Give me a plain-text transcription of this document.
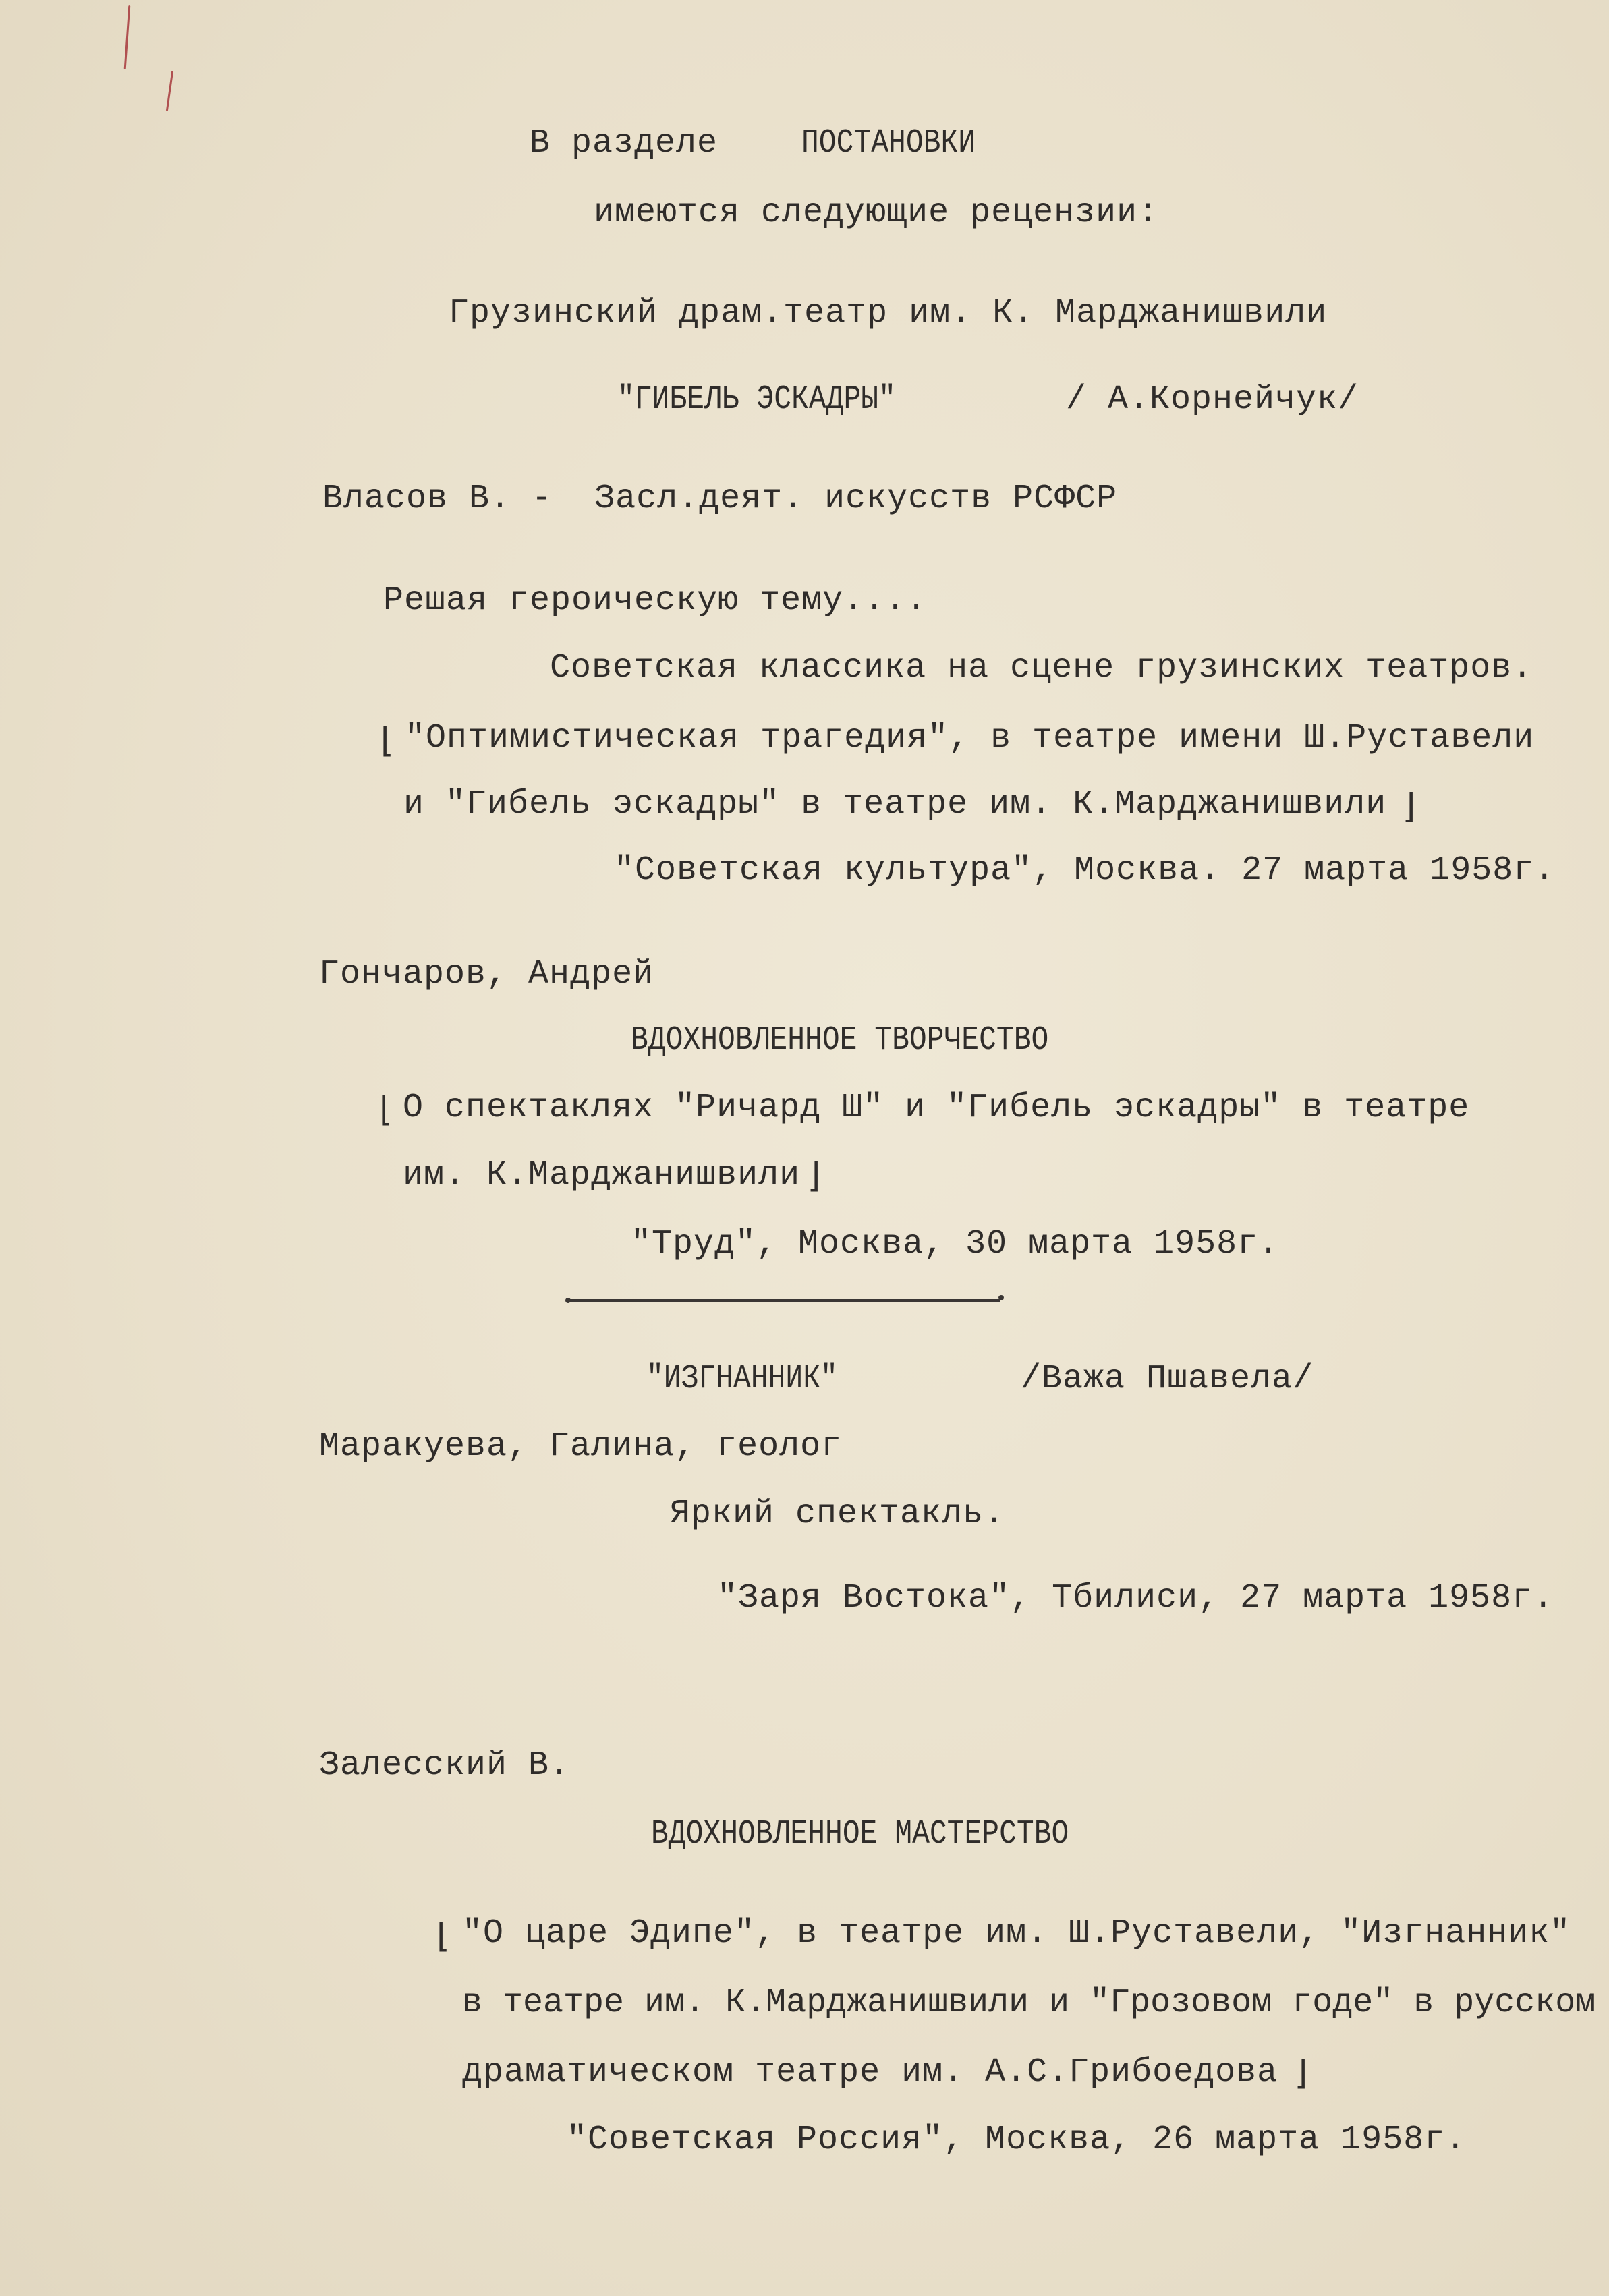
В разделе ПОСТАНОВКИ
имеются следующие рецензии:
Грузинский драм.театр им. К. Марджанишвили
"ГИБЕЛЬ ЭСКАДРЫ"	/ А.Корнейчук/
Власов В. -  Засл.деят. искусств РСФСР
Решая героическую тему....
Советская классика на сцене грузинских театров.
⌊ "Оптимистическая трагедия", в театре имени Ш.Руставели
и "Гибель эскадры" в театре им. К.Марджанишвили ⌋
"Советская культура", Москва. 27 марта 1958г.
Гончаров, Андрей
ВДОХНОВЛЕННОЕ ТВОРЧЕСТВО
⌊ О спектаклях "Ричард Ш" и "Гибель эскадры" в театре
им. К.Марджанишвили ⌋
"Труд", Москва, 30 марта 1958г.
"ИЗГНАННИК"	/Важа Пшавела/
Маракуева, Галина, геолог
Яркий спектакль.
"Заря Востока", Тбилиси, 27 марта 1958г.
Залесский В.
ВДОХНОВЛЕННОЕ МАСТЕРСТВО
⌊ "О царе Эдипе", в театре им. Ш.Руставели, "Изгнанник"
в театре им. К.Марджанишвили и "Грозовом годе" в русском
драматическом театре им. А.С.Грибоедова ⌋
"Советская Россия", Москва, 26 марта 1958г.
